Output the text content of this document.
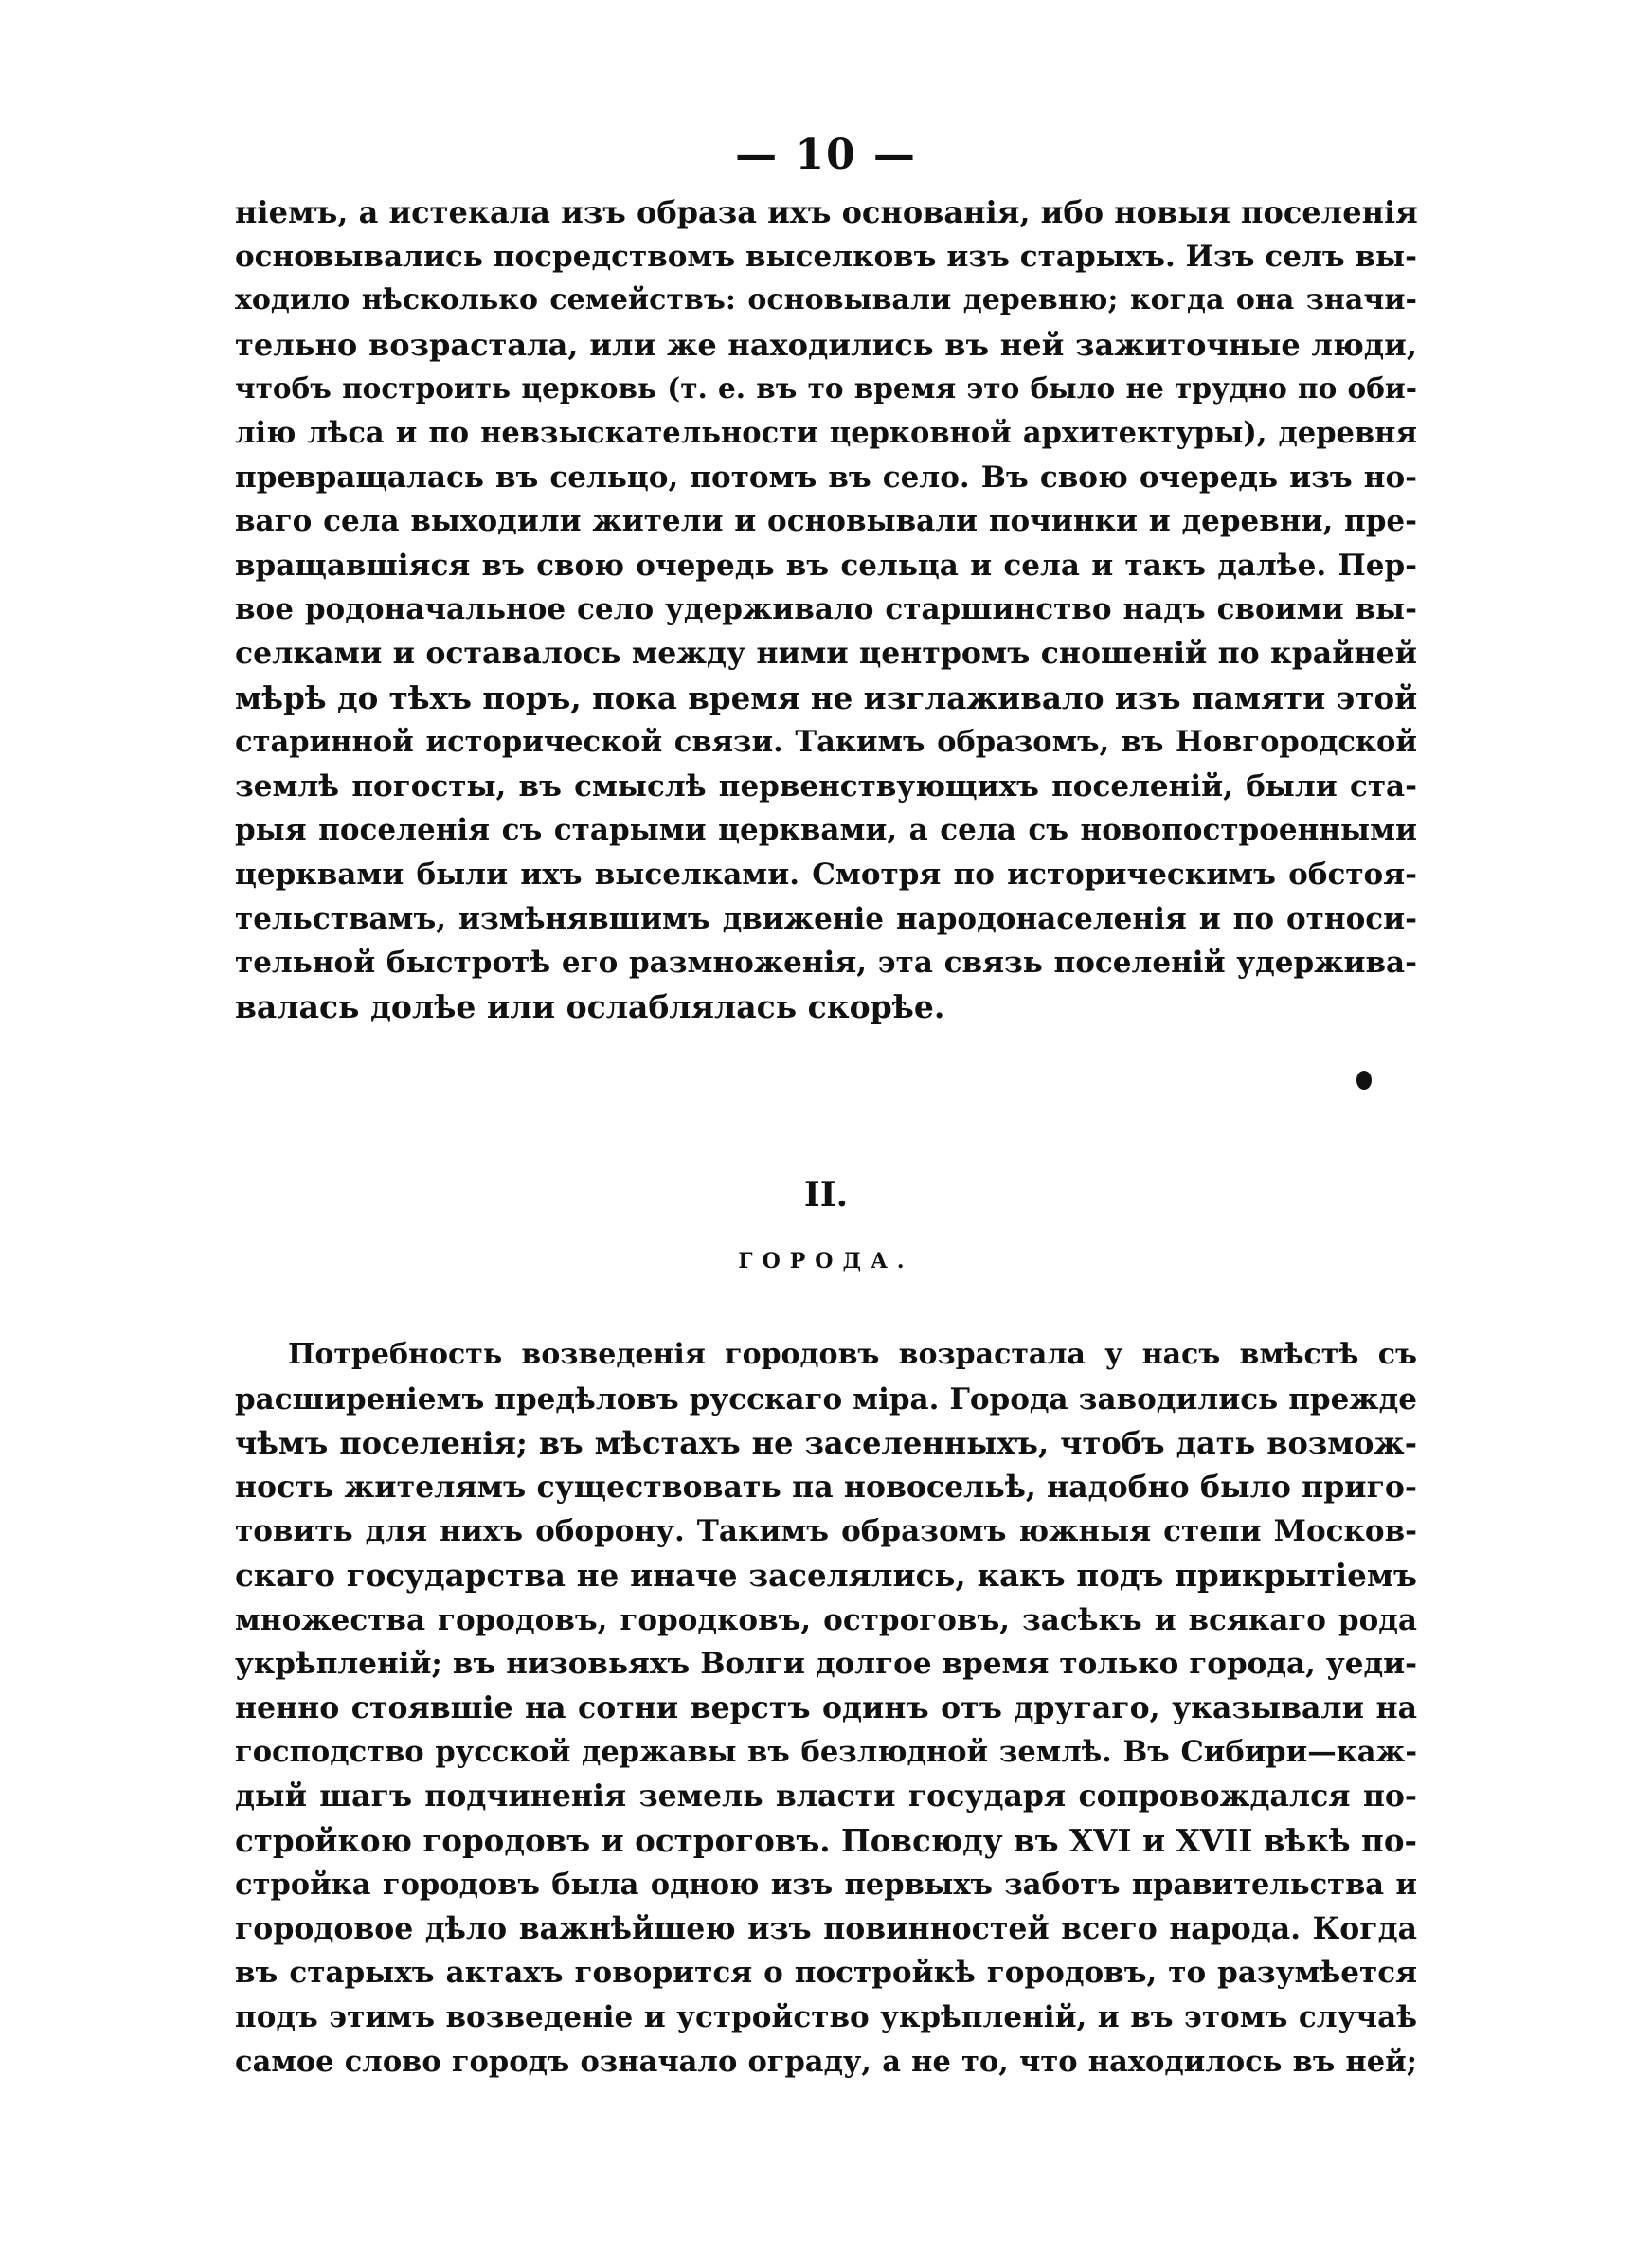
— 10 —
ніемъ, а истекала изъ образа ихъ основанія, ибо новыя поселенія
основывались посредствомъ выселковъ изъ старыхъ. Изъ селъ вы-
ходило нѣсколько семействъ: основывали деревню; когда она значи-
тельно возрастала, или же находились въ ней зажиточные люди,
чтобъ построить церковь (т. е. въ то время это было не трудно по оби-
лію лѣса и по невзыскательности церковной архитектуры), деревня
превращалась въ сельцо, потомъ въ село. Въ свою очередь изъ но-
ваго села выходили жители и основывали починки и деревни, пре-
вращавшіяся въ свою очередь въ сельца и села и такъ далѣе. Пер-
вое родоначальное село удерживало старшинство надъ своими вы-
селками и оставалось между ними центромъ сношеній по крайней
мѣрѣ до тѣхъ поръ, пока время не изглаживало изъ памяти этой
старинной исторической связи. Такимъ образомъ, въ Новгородской
землѣ погосты, въ смыслѣ первенствующихъ поселеній, были ста-
рыя поселенія съ старыми церквами, а села съ новопостроенными
церквами были ихъ выселками. Смотря по историческимъ обстоя-
тельствамъ, измѣнявшимъ движеніе народонаселенія и по относи-
тельной быстротѣ его размноженія, эта связь поселеній удержива-
валась долѣе или ослаблялась скорѣе.
II.
ГОРОДА.
Потребность возведенія городовъ возрастала у насъ вмѣстѣ съ
расширеніемъ предѣловъ русскаго міра. Города заводились прежде
чѣмъ поселенія; въ мѣстахъ не заселенныхъ, чтобъ дать возмож-
ность жителямъ существовать па новосельѣ, надобно было приго-
товить для нихъ оборону. Такимъ образомъ южныя степи Москов-
скаго государства не иначе заселялись, какъ подъ прикрытіемъ
множества городовъ, городковъ, остроговъ, засѣкъ и всякаго рода
укрѣпленій; въ низовьяхъ Волги долгое время только города, уеди-
ненно стоявшіе на сотни верстъ одинъ отъ другаго, указывали на
господство русской державы въ безлюдной землѣ. Въ Сибири—каж-
дый шагъ подчиненія земель власти государя сопровождался по-
стройкою городовъ и остроговъ. Повсюду въ XVI и XVII вѣкѣ по-
стройка городовъ была одною изъ первыхъ заботъ правительства и
городовое дѣло важнѣйшею изъ повинностей всего народа. Когда
въ старыхъ актахъ говорится о постройкѣ городовъ, то разумѣется
подъ этимъ возведеніе и устройство укрѣпленій, и въ этомъ случаѣ
самое слово городъ означало ограду, а не то, что находилось въ ней;
